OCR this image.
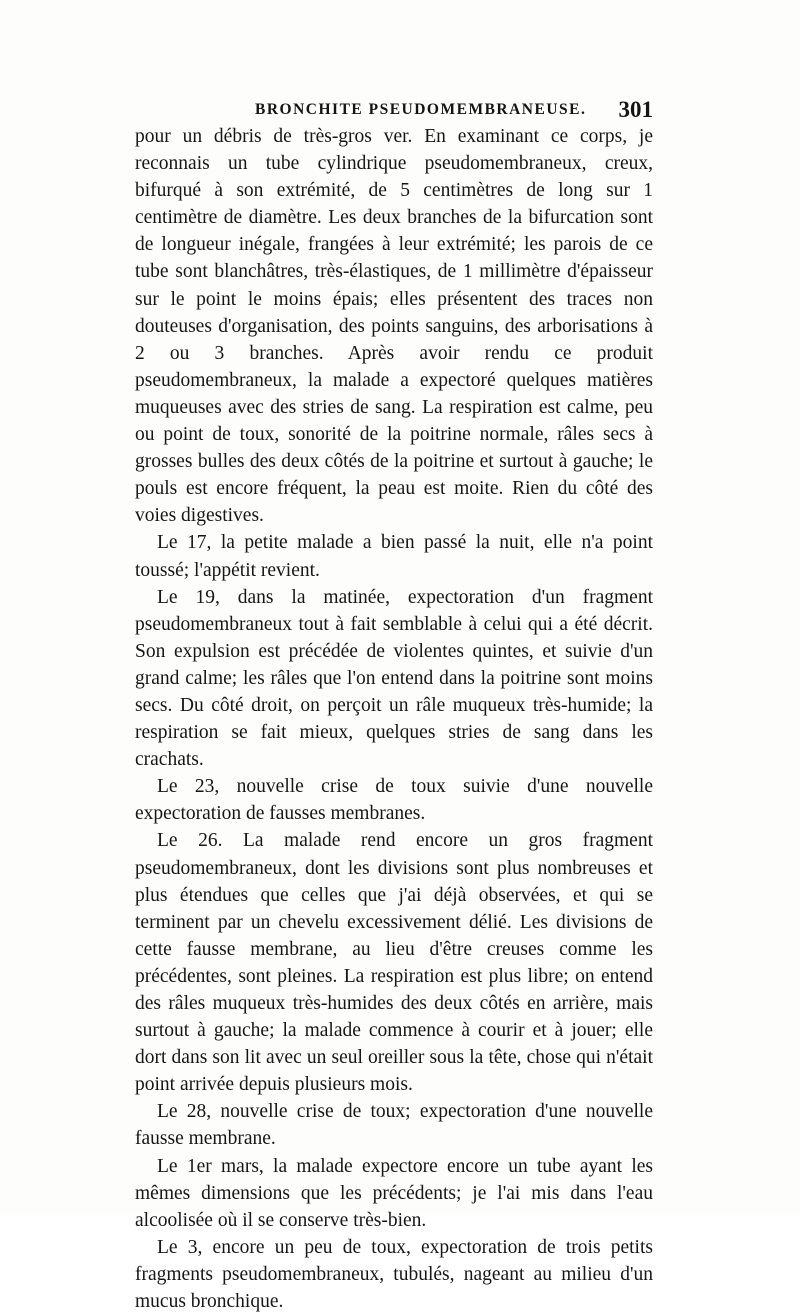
BRONCHITE PSEUDOMEMBRANEUSE. 301

pour un débris de très-gros ver. En examinant ce corps, je reconnais un tube cylindrique pseudomembraneux, creux, bifurqué à son extrémité, de 5 centimètres de long sur 1 centimètre de diamètre. Les deux branches de la bifurcation sont de longueur inégale, frangées à leur extrémité; les parois de ce tube sont blanchâtres, très-élastiques, de 1 millimètre d'épaisseur sur le point le moins épais; elles présentent des traces non douteuses d'organisation, des points sanguins, des arborisations à 2 ou 3 branches. Après avoir rendu ce produit pseudomembraneux, la malade a expectoré quelques matières muqueuses avec des stries de sang. La respiration est calme, peu ou point de toux, sonorité de la poitrine normale, râles secs à grosses bulles des deux côtés de la poitrine et surtout à gauche; le pouls est encore fréquent, la peau est moite. Rien du côté des voies digestives.

Le 17, la petite malade a bien passé la nuit, elle n'a point toussé; l'appétit revient.

Le 19, dans la matinée, expectoration d'un fragment pseudomembraneux tout à fait semblable à celui qui a été décrit. Son expulsion est précédée de violentes quintes, et suivie d'un grand calme; les râles que l'on entend dans la poitrine sont moins secs. Du côté droit, on perçoit un râle muqueux très-humide; la respiration se fait mieux, quelques stries de sang dans les crachats.

Le 23, nouvelle crise de toux suivie d'une nouvelle expectoration de fausses membranes.

Le 26. La malade rend encore un gros fragment pseudomembraneux, dont les divisions sont plus nombreuses et plus étendues que celles que j'ai déjà observées, et qui se terminent par un chevelu excessivement délié. Les divisions de cette fausse membrane, au lieu d'être creuses comme les précédentes, sont pleines. La respiration est plus libre; on entend des râles muqueux très-humides des deux côtés en arrière, mais surtout à gauche; la malade commence à courir et à jouer; elle dort dans son lit avec un seul oreiller sous la tête, chose qui n'était point arrivée depuis plusieurs mois.

Le 28, nouvelle crise de toux; expectoration d'une nouvelle fausse membrane.

Le 1er mars, la malade expectore encore un tube ayant les mêmes dimensions que les précédents; je l'ai mis dans l'eau alcoolisée où il se conserve très-bien.

Le 3, encore un peu de toux, expectoration de trois petits fragments pseudomembraneux, tubulés, nageant au milieu d'un mucus bronchique.
